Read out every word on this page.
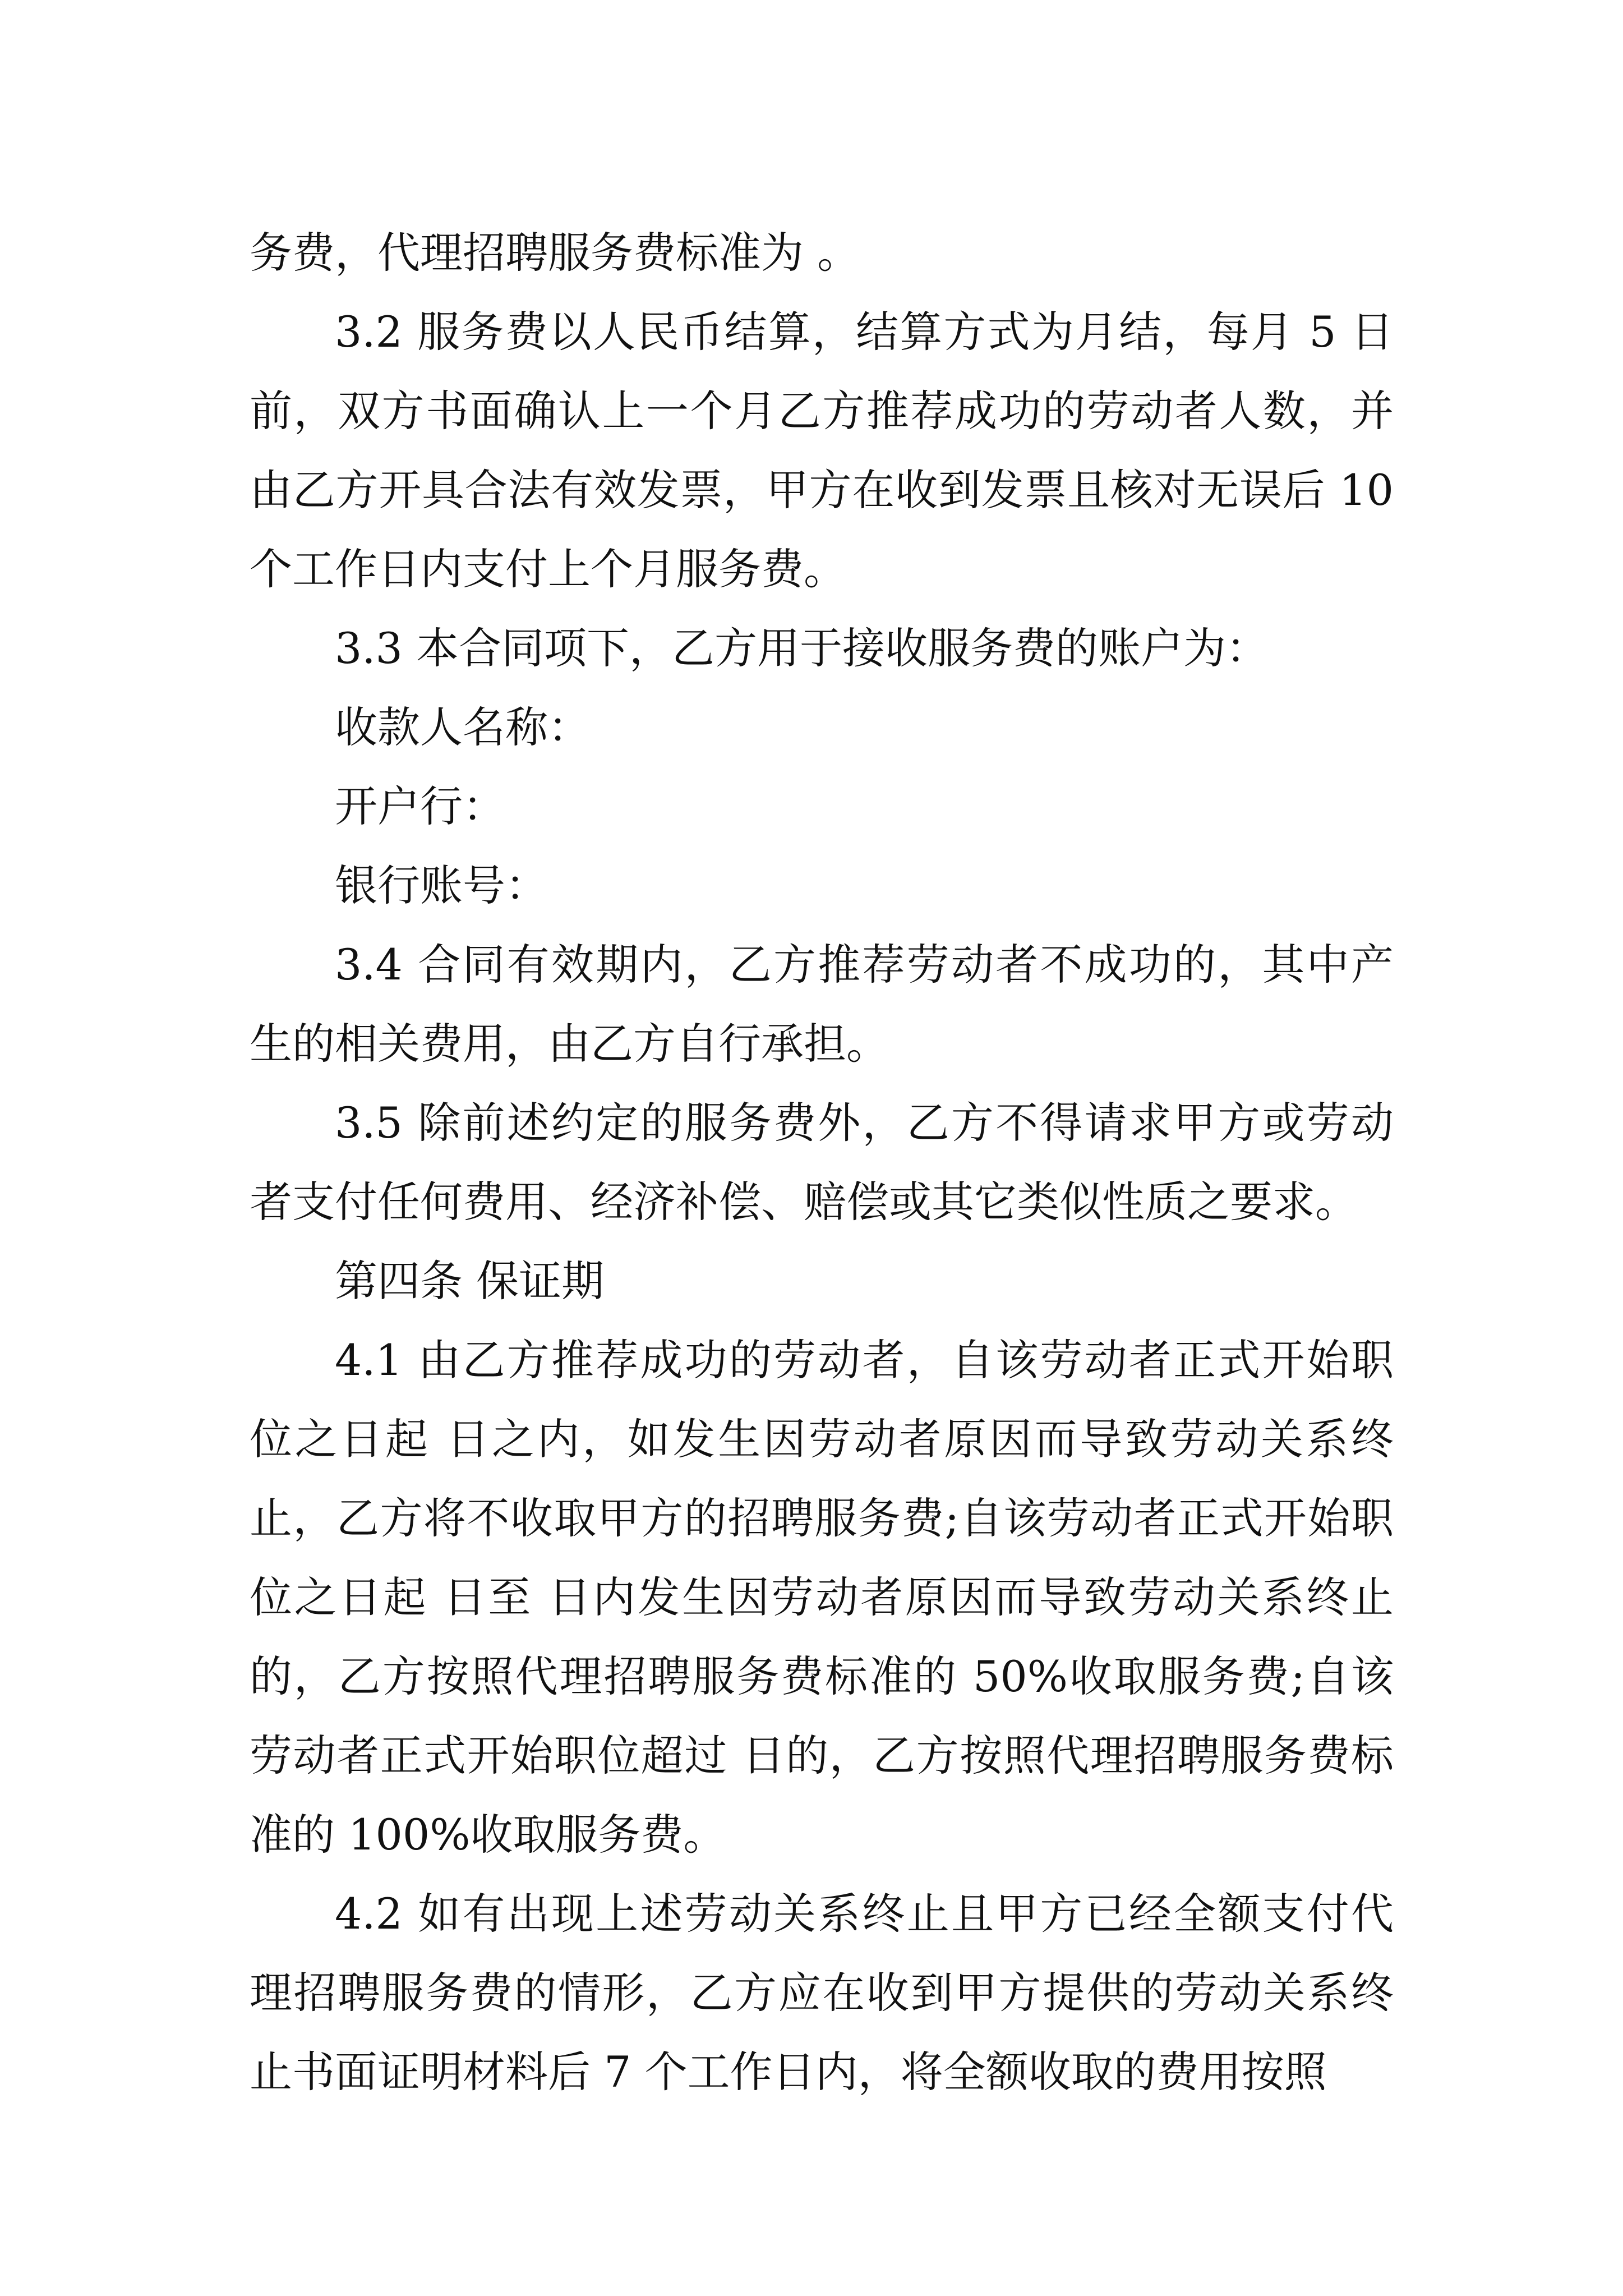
务费，代理招聘服务费标准为 。

3.2 服务费以人民币结算，结算方式为月结，每月 5 日前，双方书面确认上一个月乙方推荐成功的劳动者人数，并由乙方开具合法有效发票，甲方在收到发票且核对无误后 10 个工作日内支付上个月服务费。

3.3 本合同项下，乙方用于接收服务费的账户为：

收款人名称：

开户行：

银行账号：

3.4 合同有效期内，乙方推荐劳动者不成功的，其中产生的相关费用，由乙方自行承担。

3.5 除前述约定的服务费外，乙方不得请求甲方或劳动者支付任何费用、经济补偿、赔偿或其它类似性质之要求。

第四条 保证期

4.1 由乙方推荐成功的劳动者，自该劳动者正式开始职位之日起 日之内，如发生因劳动者原因而导致劳动关系终止，乙方将不收取甲方的招聘服务费;自该劳动者正式开始职位之日起 日至 日内发生因劳动者原因而导致劳动关系终止的，乙方按照代理招聘服务费标准的 50%收取服务费;自该劳动者正式开始职位超过 日的，乙方按照代理招聘服务费标准的 100%收取服务费。

4.2 如有出现上述劳动关系终止且甲方已经全额支付代理招聘服务费的情形，乙方应在收到甲方提供的劳动关系终止书面证明材料后 7 个工作日内，将全额收取的费用按照
